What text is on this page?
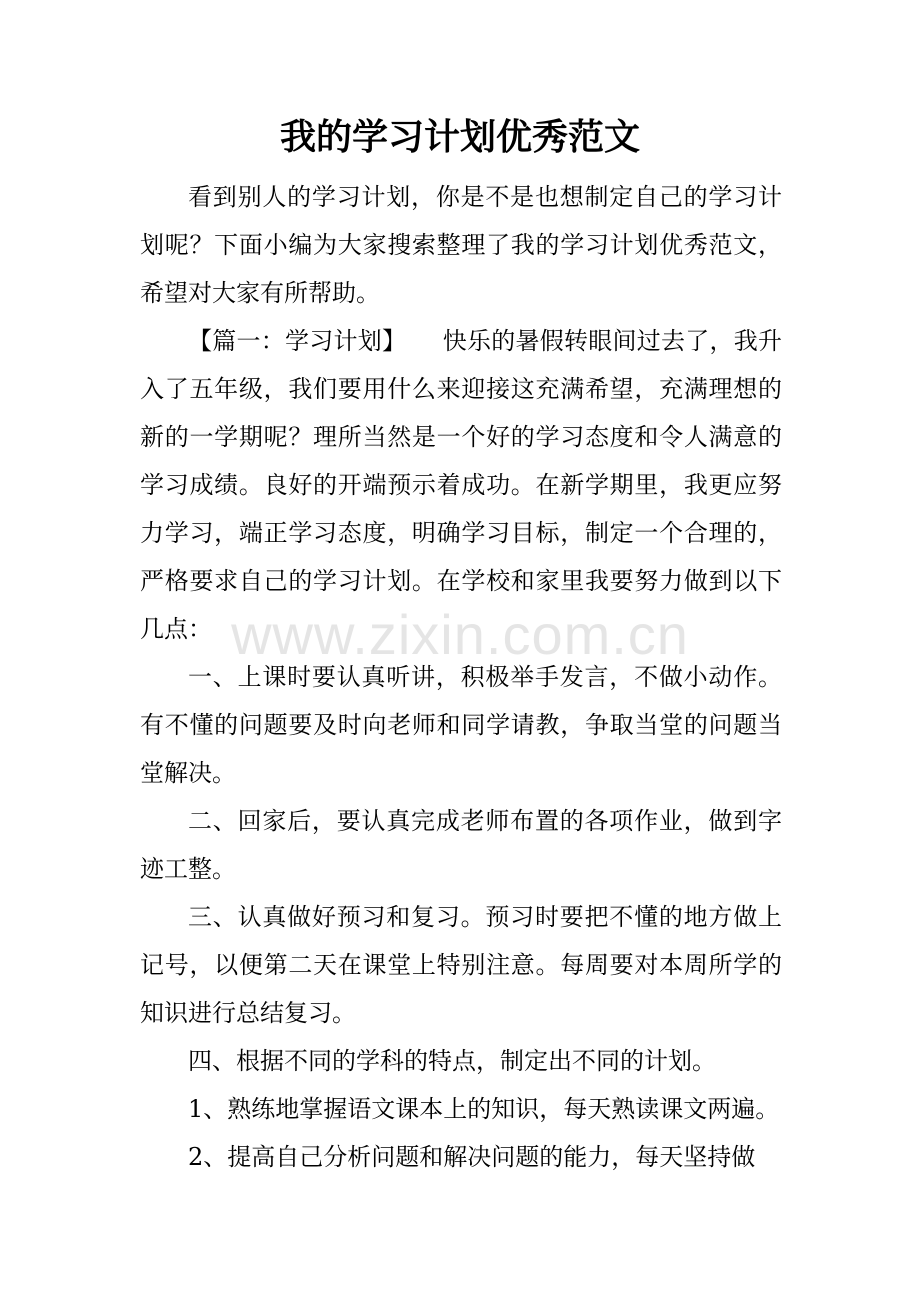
我的学习计划优秀范文

看到别人的学习计划，你是不是也想制定自己的学习计划呢？下面小编为大家搜索整理了我的学习计划优秀范文，希望对大家有所帮助。

【篇一：学习计划】　　快乐的暑假转眼间过去了，我升入了五年级，我们要用什么来迎接这充满希望，充满理想的新的一学期呢？理所当然是一个好的学习态度和令人满意的学习成绩。良好的开端预示着成功。在新学期里，我更应努力学习，端正学习态度，明确学习目标，制定一个合理的，严格要求自己的学习计划。在学校和家里我要努力做到以下几点：

一、上课时要认真听讲，积极举手发言，不做小动作。有不懂的问题要及时向老师和同学请教，争取当堂的问题当堂解决。

二、回家后，要认真完成老师布置的各项作业，做到字迹工整。

三、认真做好预习和复习。预习时要把不懂的地方做上记号，以便第二天在课堂上特别注意。每周要对本周所学的知识进行总结复习。

四、根据不同的学科的特点，制定出不同的计划。

1、熟练地掌握语文课本上的知识，每天熟读课文两遍。

2、提高自己分析问题和解决问题的能力，每天坚持做

www.zixin.com.cn
